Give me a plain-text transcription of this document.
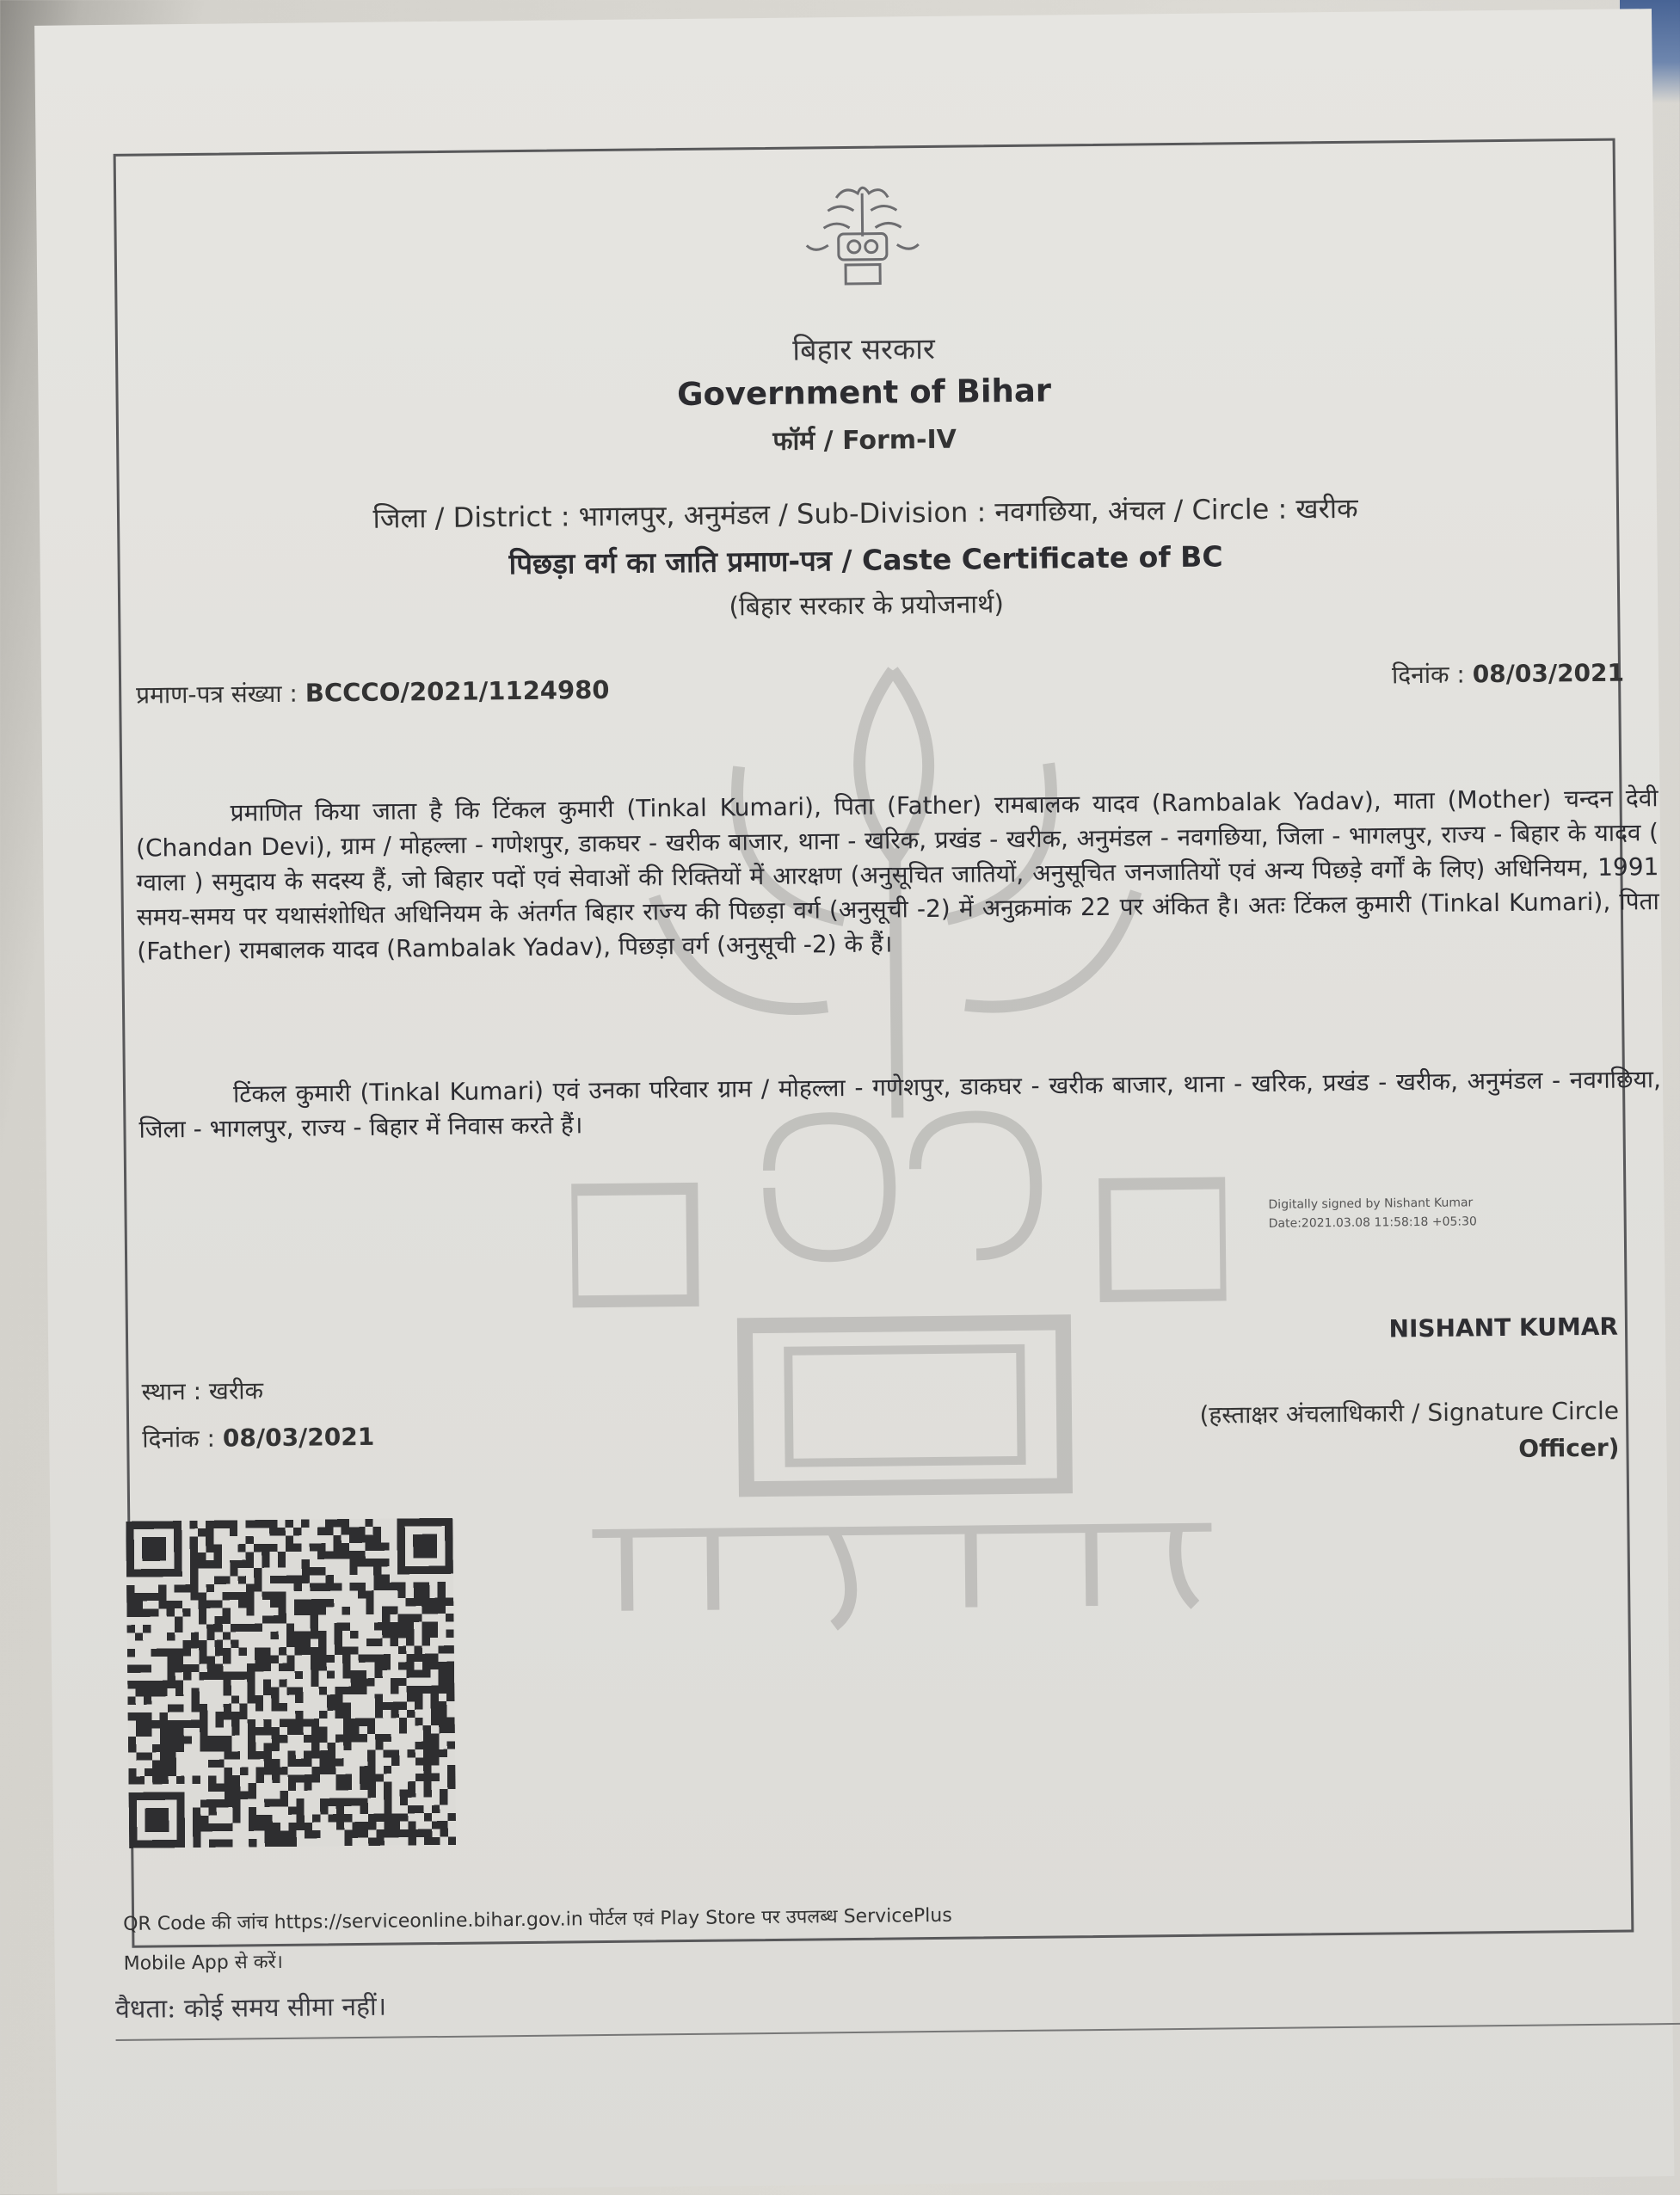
बिहार सरकार
Government of Bihar
फॉर्म / Form-IV
जिला / District : भागलपुर, अनुमंडल / Sub-Division : नवगछिया, अंचल / Circle : खरीक
पिछड़ा वर्ग का जाति प्रमाण-पत्र / Caste Certificate of BC
(बिहार सरकार के प्रयोजनार्थ)
प्रमाण-पत्र संख्या : BCCCO/2021/1124980
दिनांक : 08/03/2021
प्रमाणित किया जाता है कि टिंकल कुमारी (Tinkal Kumari), पिता (Father) रामबालक यादव (Rambalak Yadav), माता (Mother) चन्दन देवी (Chandan Devi), ग्राम / मोहल्ला - गणेशपुर, डाकघर - खरीक बाजार, थाना - खरिक, प्रखंड - खरीक, अनुमंडल - नवगछिया, जिला - भागलपुर, राज्य - बिहार के यादव ( ग्वाला ) समुदाय के सदस्य हैं, जो बिहार पदों एवं सेवाओं की रिक्तियों में आरक्षण (अनुसूचित जातियों, अनुसूचित जनजातियों एवं अन्य पिछड़े वर्गों के लिए) अधिनियम, 1991 समय-समय पर यथासंशोधित अधिनियम के अंतर्गत बिहार राज्य की पिछड़ा वर्ग (अनुसूची -2) में अनुक्रमांक 22 पर अंकित है। अतः टिंकल कुमारी (Tinkal Kumari), पिता (Father) रामबालक यादव (Rambalak Yadav), पिछड़ा वर्ग (अनुसूची -2) के हैं।
टिंकल कुमारी (Tinkal Kumari) एवं उनका परिवार ग्राम / मोहल्ला - गणेशपुर, डाकघर - खरीक बाजार, थाना - खरिक, प्रखंड - खरीक, अनुमंडल - नवगछिया, जिला - भागलपुर, राज्य - बिहार में निवास करते हैं।
Digitally signed by Nishant Kumar
Date:2021.03.08 11:58:18 +05:30
NISHANT KUMAR
(हस्ताक्षर अंचलाधिकारी / Signature Circle
Officer)
स्थान : खरीक
दिनांक : 08/03/2021
QR Code की जांच https://serviceonline.bihar.gov.in पोर्टल एवं Play Store पर उपलब्ध ServicePlus
Mobile App से करें।
वैधता: कोई समय सीमा नहीं।
